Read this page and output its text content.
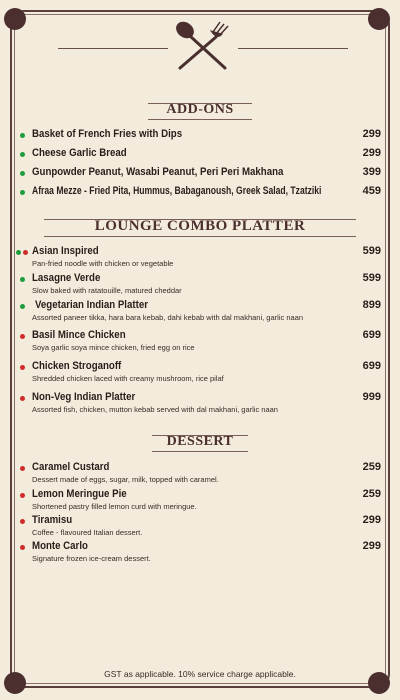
ADD-ONS
Basket of French Fries with Dips	299
Cheese Garlic Bread	299
Gunpowder Peanut, Wasabi Peanut, Peri Peri Makhana	399
Afraa Mezze - Fried Pita, Hummus, Babaganoush, Greek Salad, Tzatziki	459
LOUNGE COMBO PLATTER
Asian Inspired
Pan-fried noodle with chicken or vegetable
599
Lasagne Verde
Slow baked with ratatouille, matured cheddar
599
Vegetarian Indian Platter
Assorted paneer tikka, hara bara kebab, dahi kebab with dal makhani, garlic naan
899
Basil Mince Chicken
Soya garlic soya mince chicken, fried egg on rice
699
Chicken Stroganoff
Shredded chicken laced with creamy mushroom, rice pilaf
699
Non-Veg Indian Platter
Assorted fish, chicken, mutton kebab served with dal makhani, garlic naan
999
DESSERT
Caramel Custard
Dessert made of eggs, sugar, milk, topped with caramel.
259
Lemon Meringue Pie
Shortened pastry filled lemon curd with meringue.
259
Tiramisu
Coffee - flavoured Italian dessert.
299
Monte Carlo
Signature frozen ice-cream dessert.
299
GST as applicable. 10% service charge applicable.
